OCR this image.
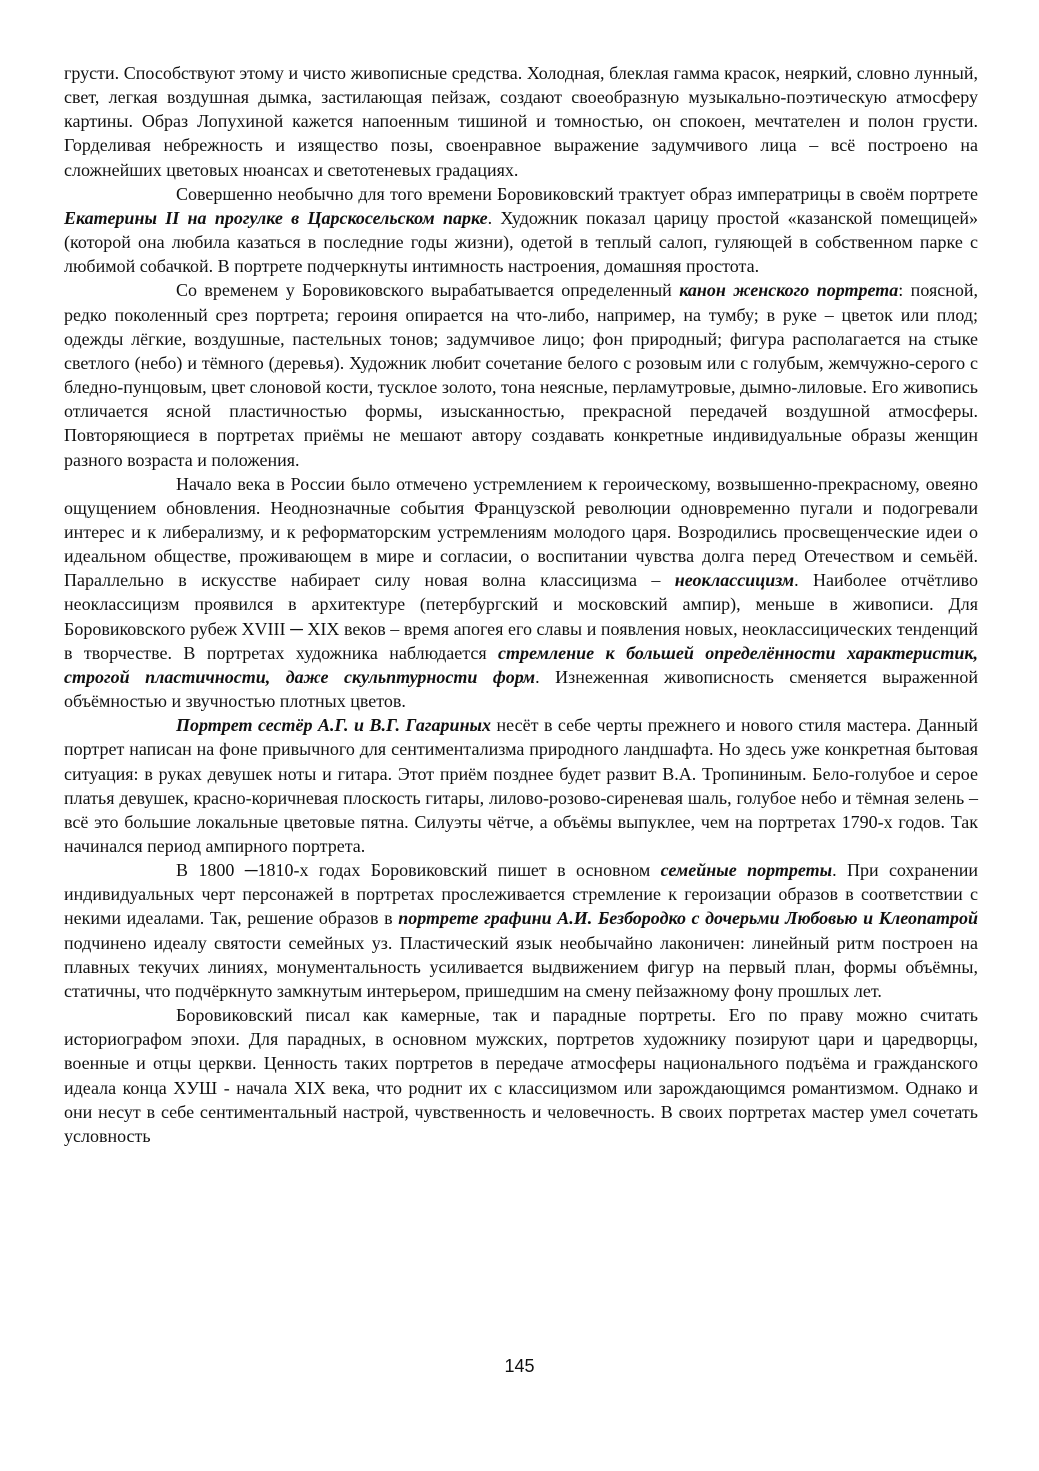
грусти. Способствуют этому и чисто живописные средства. Холодная, блеклая гамма красок, неяркий, словно лунный, свет, легкая воздушная дымка, застилающая пейзаж, создают своеобразную музыкально-поэтическую атмосферу картины. Образ Лопухиной кажется напоенным тишиной и томностью, он спокоен, мечтателен и полон грусти. Горделивая небрежность и изящество позы, своенравное выражение задумчивого лица – всё построено на сложнейших цветовых нюансах и светотеневых градациях.

Совершенно необычно для того времени Боровиковский трактует образ императрицы в своём портрете Екатерины II на прогулке в Царскосельском парке. Художник показал царицу простой «казанской помещицей» (которой она любила казаться в последние годы жизни), одетой в теплый салоп, гуляющей в собственном парке с любимой собачкой. В портрете подчеркнуты интимность настроения, домашняя простота.

Со временем у Боровиковского вырабатывается определенный канон женского портрета: поясной, редко поколенный срез портрета; героиня опирается на что-либо, например, на тумбу; в руке – цветок или плод; одежды лёгкие, воздушные, пастельных тонов; задумчивое лицо; фон природный; фигура располагается на стыке светлого (небо) и тёмного (деревья). Художник любит сочетание белого с розовым или с голубым, жемчужно-серого с бледно-пунцовым, цвет слоновой кости, тусклое золото, тона неясные, перламутровые, дымно-лиловые. Его живопись отличается ясной пластичностью формы, изысканностью, прекрасной передачей воздушной атмосферы. Повторяющиеся в портретах приёмы не мешают автору создавать конкретные индивидуальные образы женщин разного возраста и положения.

Начало века в России было отмечено устремлением к героическому, возвышенно-прекрасному, овеяно ощущением обновления. Неоднозначные события Французской революции одновременно пугали и подогревали интерес и к либерализму, и к реформаторским устремлениям молодого царя. Возродились просвещенческие идеи о идеальном обществе, проживающем в мире и согласии, о воспитании чувства долга перед Отечеством и семьёй. Параллельно в искусстве набирает силу новая волна классицизма – неоклассицизм. Наиболее отчётливо неоклассицизм проявился в архитектуре (петербургский и московский ампир), меньше в живописи. Для Боровиковского рубеж XVIII ─ XIX веков – время апогея его славы и появления новых, неоклассицических тенденций в творчестве. В портретах художника наблюдается стремление к большей определённости характеристик, строгой пластичности, даже скульптурности форм. Изнеженная живописность сменяется выраженной объёмностью и звучностью плотных цветов.

Портрет сестёр А.Г. и В.Г. Гагариных несёт в себе черты прежнего и нового стиля мастера. Данный портрет написан на фоне привычного для сентиментализма природного ландшафта. Но здесь уже конкретная бытовая ситуация: в руках девушек ноты и гитара. Этот приём позднее будет развит В.А. Тропининым. Бело-голубое и серое платья девушек, красно-коричневая плоскость гитары, лилово-розово-сиреневая шаль, голубое небо и тёмная зелень – всё это большие локальные цветовые пятна. Силуэты чётче, а объёмы выпуклее, чем на портретах 1790-х годов. Так начинался период ампирного портрета.

В 1800 ─1810-х годах Боровиковский пишет в основном семейные портреты. При сохранении индивидуальных черт персонажей в портретах прослеживается стремление к героизации образов в соответствии с некими идеалами. Так, решение образов в портрете графини А.И. Безбородко с дочерьми Любовью и Клеопатрой подчинено идеалу святости семейных уз. Пластический язык необычайно лаконичен: линейный ритм построен на плавных текучих линиях, монументальность усиливается выдвижением фигур на первый план, формы объёмны, статичны, что подчёркнуто замкнутым интерьером, пришедшим на смену пейзажному фону прошлых лет.

Боровиковский писал как камерные, так и парадные портреты. Его по праву можно считать историографом эпохи. Для парадных, в основном мужских, портретов художнику позируют цари и царедворцы, военные и отцы церкви. Ценность таких портретов в передаче атмосферы национального подъёма и гражданского идеала конца ХУШ - начала XIX века, что роднит их с классицизмом или зарождающимся романтизмом. Однако и они несут в себе сентиментальный настрой, чувственность и человечность. В своих портретах мастер умел сочетать условность

145
